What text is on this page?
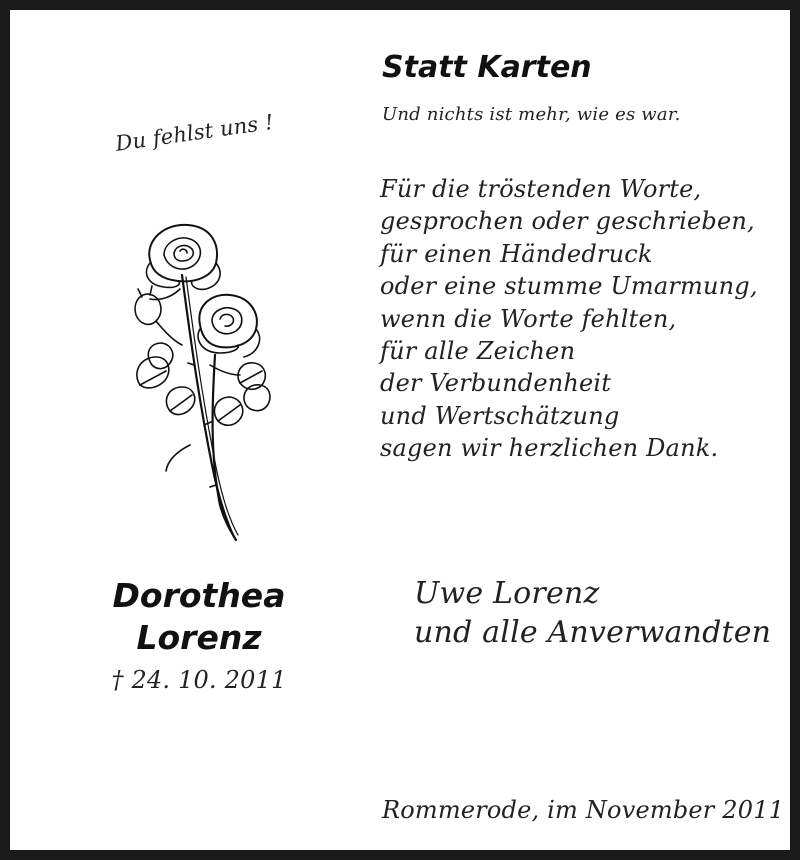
Statt Karten

Und nichts ist mehr, wie es war.

Du fehlst uns !

Für die tröstenden Worte,
gesprochen oder geschrieben,
für einen Händedruck
oder eine stumme Umarmung,
wenn die Worte fehlten,
für alle Zeichen
der Verbundenheit
und Wertschätzung
sagen wir herzlichen Dank.

Dorothea

Lorenz

† 24. 10. 2011

Uwe Lorenz

und alle Anverwandten

Rommerode, im November 2011
